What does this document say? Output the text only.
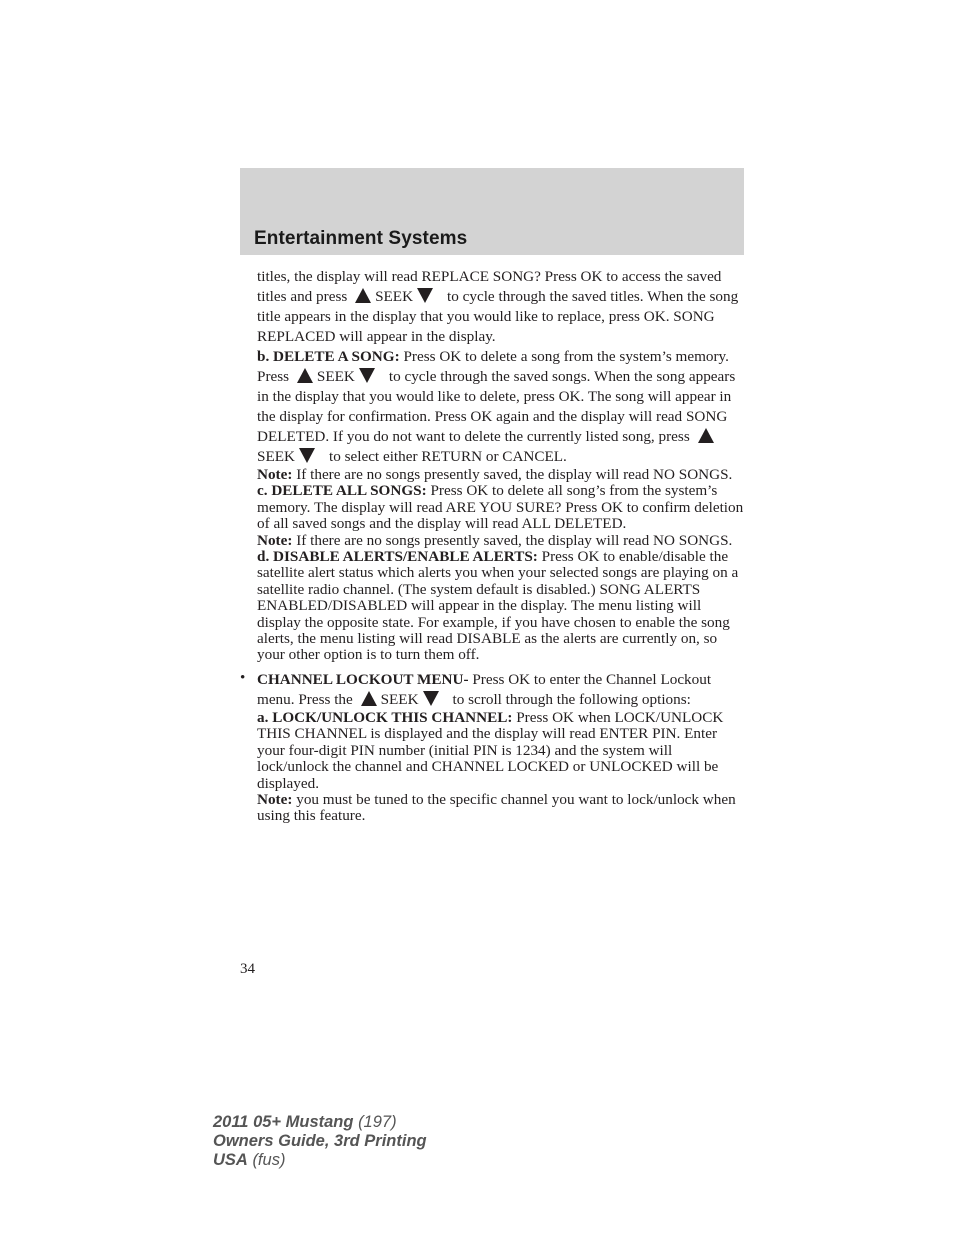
Entertainment Systems

titles, the display will read REPLACE SONG? Press OK to access the saved titles and press SEEK to cycle through the saved titles. When the song title appears in the display that you would like to replace, press OK. SONG REPLACED will appear in the display.

b. DELETE A SONG: Press OK to delete a song from the system’s memory. Press SEEK to cycle through the saved songs. When the song appears in the display that you would like to delete, press OK. The song will appear in the display for confirmation. Press OK again and the display will read SONG DELETED. If you do not want to delete the currently listed song, press SEEK to select either RETURN or CANCEL.

Note: If there are no songs presently saved, the display will read NO SONGS.

c. DELETE ALL SONGS: Press OK to delete all song’s from the system’s memory. The display will read ARE YOU SURE? Press OK to confirm deletion of all saved songs and the display will read ALL DELETED.

Note: If there are no songs presently saved, the display will read NO SONGS.

d. DISABLE ALERTS/ENABLE ALERTS: Press OK to enable/disable the satellite alert status which alerts you when your selected songs are playing on a satellite radio channel. (The system default is disabled.) SONG ALERTS ENABLED/DISABLED will appear in the display. The menu listing will display the opposite state. For example, if you have chosen to enable the song alerts, the menu listing will read DISABLE as the alerts are currently on, so your other option is to turn them off.

• CHANNEL LOCKOUT MENU- Press OK to enter the Channel Lockout menu. Press the SEEK to scroll through the following options:

a. LOCK/UNLOCK THIS CHANNEL: Press OK when LOCK/UNLOCK THIS CHANNEL is displayed and the display will read ENTER PIN. Enter your four-digit PIN number (initial PIN is 1234) and the system will lock/unlock the channel and CHANNEL LOCKED or UNLOCKED will be displayed.

Note: you must be tuned to the specific channel you want to lock/unlock when using this feature.

34
2011 05+ Mustang (197)
Owners Guide, 3rd Printing
USA (fus)
